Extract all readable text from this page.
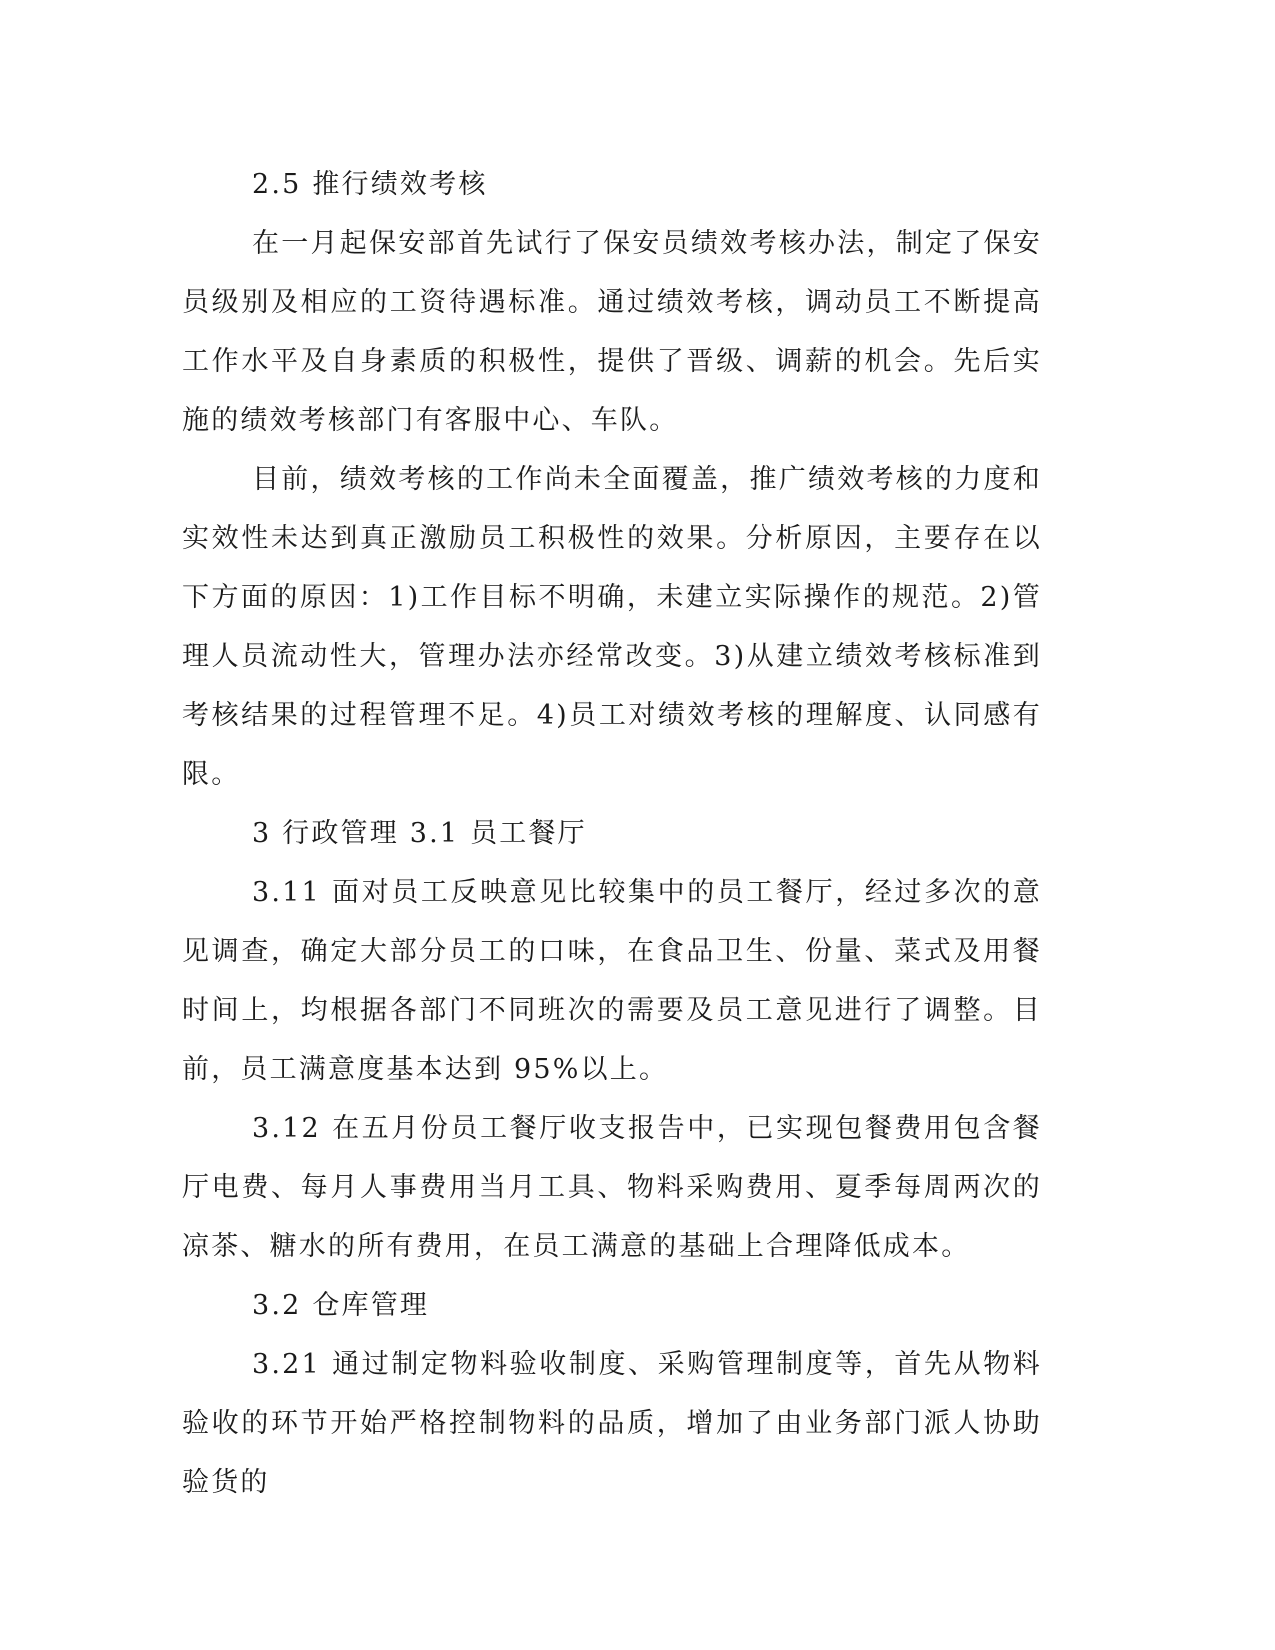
2.5 推行绩效考核

在一月起保安部首先试行了保安员绩效考核办法，制定了保安员级别及相应的工资待遇标准。通过绩效考核，调动员工不断提高工作水平及自身素质的积极性，提供了晋级、调薪的机会。先后实施的绩效考核部门有客服中心、车队。

目前，绩效考核的工作尚未全面覆盖，推广绩效考核的力度和实效性未达到真正激励员工积极性的效果。分析原因，主要存在以下方面的原因：1)工作目标不明确，未建立实际操作的规范。2)管理人员流动性大，管理办法亦经常改变。3)从建立绩效考核标准到考核结果的过程管理不足。4)员工对绩效考核的理解度、认同感有限。

3 行政管理 3.1 员工餐厅

3.11 面对员工反映意见比较集中的员工餐厅，经过多次的意见调查，确定大部分员工的口味，在食品卫生、份量、菜式及用餐时间上，均根据各部门不同班次的需要及员工意见进行了调整。目前，员工满意度基本达到 95%以上。

3.12 在五月份员工餐厅收支报告中，已实现包餐费用包含餐厅电费、每月人事费用当月工具、物料采购费用、夏季每周两次的凉茶、糖水的所有费用，在员工满意的基础上合理降低成本。

3.2 仓库管理

3.21 通过制定物料验收制度、采购管理制度等，首先从物料验收的环节开始严格控制物料的品质，增加了由业务部门派人协助验货的
